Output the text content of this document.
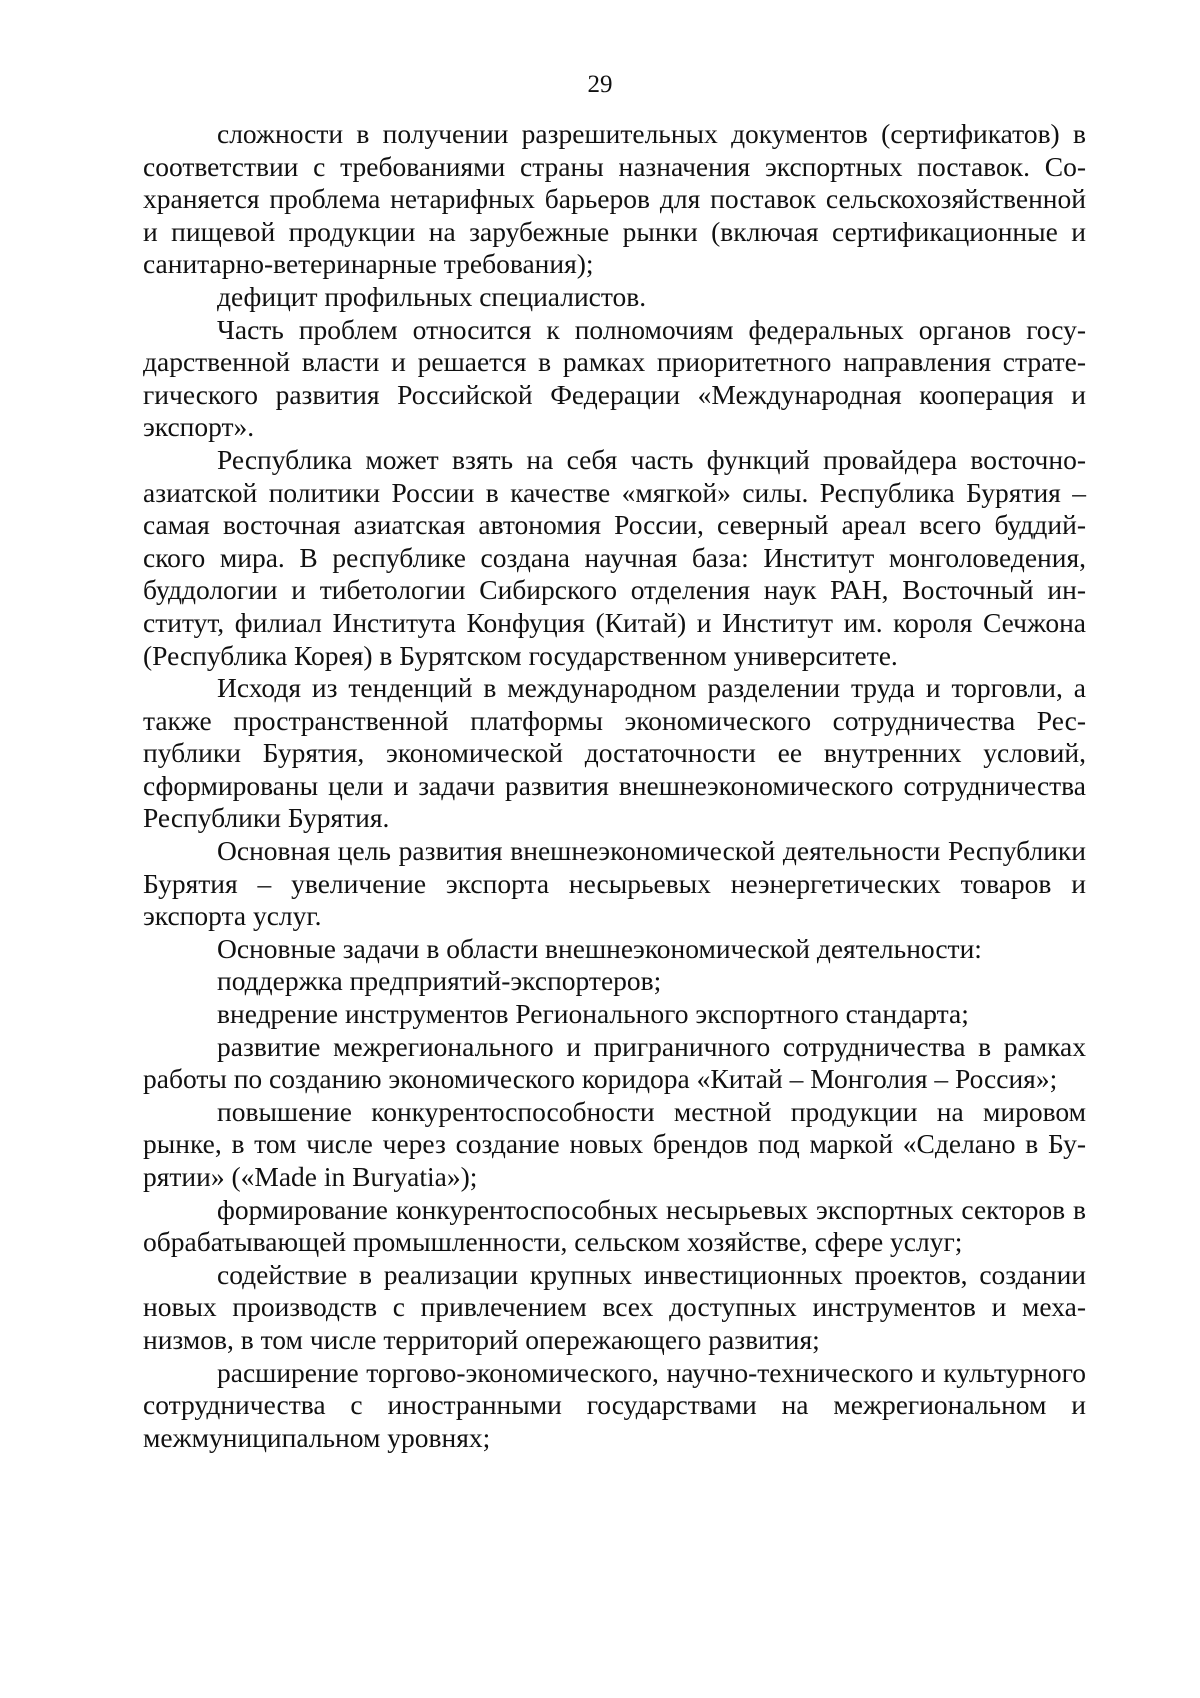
29

сложности в получении разрешительных документов (сертификатов) в соответствии с требованиями страны назначения экспортных поставок. Сохраняется проблема нетарифных барьеров для поставок сельскохозяйственной и пищевой продукции на зарубежные рынки (включая сертификационные и санитарно-ветеринарные требования);

дефицит профильных специалистов.

Часть проблем относится к полномочиям федеральных органов государственной власти и решается в рамках приоритетного направления стратегического развития Российской Федерации «Международная кооперация и экспорт».

Республика может взять на себя часть функций провайдера восточноазиатской политики России в качестве «мягкой» силы. Республика Бурятия – самая восточная азиатская автономия России, северный ареал всего буддийского мира. В республике создана научная база: Институт монголоведения, буддологии и тибетологии Сибирского отделения наук РАН, Восточный институт, филиал Института Конфуция (Китай) и Институт им. короля Сечжона (Республика Корея) в Бурятском государственном университете.

Исходя из тенденций в международном разделении труда и торговли, а также пространственной платформы экономического сотрудничества Республики Бурятия, экономической достаточности ее внутренних условий, сформированы цели и задачи развития внешнеэкономического сотрудничества Республики Бурятия.

Основная цель развития внешнеэкономической деятельности Республики Бурятия – увеличение экспорта несырьевых неэнергетических товаров и экспорта услуг.

Основные задачи в области внешнеэкономической деятельности:

поддержка предприятий-экспортеров;

внедрение инструментов Регионального экспортного стандарта;

развитие межрегионального и приграничного сотрудничества в рамках работы по созданию экономического коридора «Китай – Монголия – Россия»;

повышение конкурентоспособности местной продукции на мировом рынке, в том числе через создание новых брендов под маркой «Сделано в Бурятии» («Made in Buryatia»);

формирование конкурентоспособных несырьевых экспортных секторов в обрабатывающей промышленности, сельском хозяйстве, сфере услуг;

содействие в реализации крупных инвестиционных проектов, создании новых производств с привлечением всех доступных инструментов и механизмов, в том числе территорий опережающего развития;

расширение торгово-экономического, научно-технического и культурного сотрудничества с иностранными государствами на межрегиональном и межмуниципальном уровнях;
